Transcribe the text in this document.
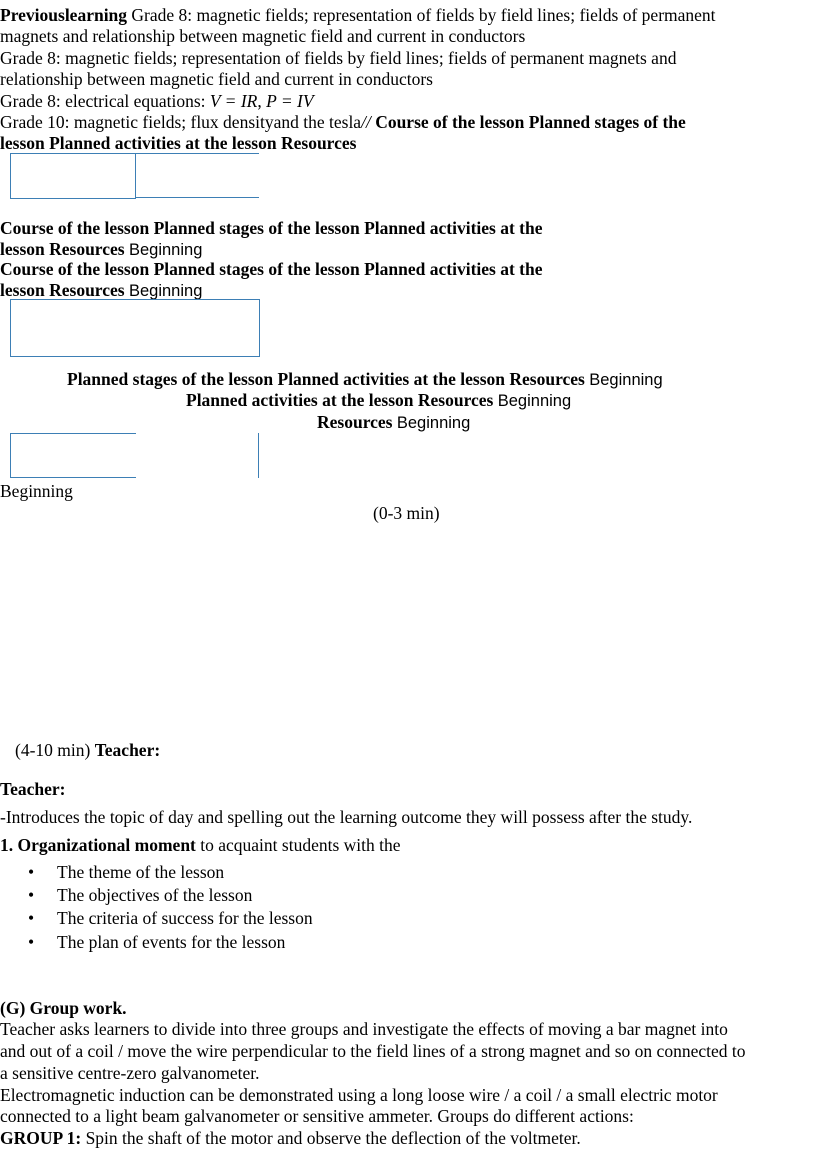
Previouslearning Grade 8: magnetic fields; representation of fields by field lines; fields of permanent
magnets and relationship between magnetic field and current in conductors
Grade 8: magnetic fields; representation of fields by field lines; fields of permanent magnets and
relationship between magnetic field and current in conductors
Grade 8: electrical equations: V = IR, P = IV
Grade 10: magnetic fields; flux densityand the tesla// Course of the lesson Planned stages of the
lesson Planned activities at the lesson Resources
Course of the lesson Planned stages of the lesson Planned activities at the
lesson Resources Beginning
Course of the lesson Planned stages of the lesson Planned activities at the
lesson Resources Beginning
Planned stages of the lesson Planned activities at the lesson Resources Beginning
Planned activities at the lesson Resources Beginning
Resources Beginning
Beginning
(0-3 min)
(4-10 min) Teacher:
Teacher:
-Introduces the topic of day and spelling out the learning outcome they will possess after the study.
1. Organizational moment to acquaint students with the
• The theme of the lesson
• The objectives of the lesson
• The criteria of success for the lesson
• The plan of events for the lesson
(G) Group work.
Teacher asks learners to divide into three groups and investigate the effects of moving a bar magnet into
and out of a coil / move the wire perpendicular to the field lines of a strong magnet and so on connected to
a sensitive centre-zero galvanometer.
Electromagnetic induction can be demonstrated using a long loose wire / a coil / a small electric motor
connected to a light beam galvanometer or sensitive ammeter. Groups do different actions:
GROUP 1: Spin the shaft of the motor and observe the deflection of the voltmeter.
